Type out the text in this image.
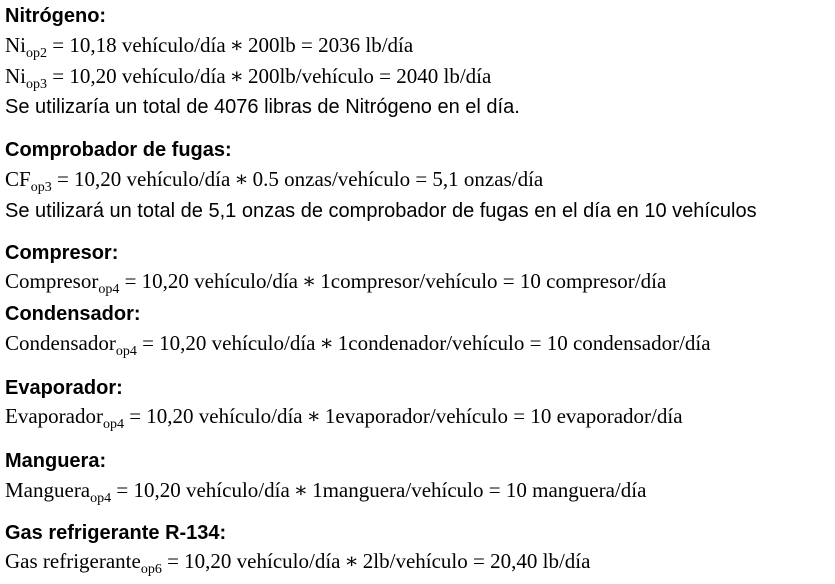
Nitrógeno:
$Ni_{op2} = 10,18$ vehículo/día ∗ 200lb = 2036 lb/día
$Ni_{op3} = 10,20$ vehículo/día ∗ 200lb/vehículo = 2040 lb/día
Se utilizaría un total de 4076 libras de Nitrógeno en el día.
Comprobador de fugas:
$CF_{op3} = 10,20$ vehículo/día ∗ 0.5 onzas/vehículo = 5,1 onzas/día
Se utilizará un total de 5,1 onzas de comprobador de fugas en el día en 10 vehículos
Compresor:
Compresor$_{op4}$ = 10,20 vehículo/día ∗ 1compresor/vehículo = 10 compresor/día
Condensador:
Condensador$_{op4}$ = 10,20 vehículo/día ∗ 1condenador/vehículo = 10 condensador/día
Evaporador:
Evaporador$_{op4}$ = 10,20 vehículo/día ∗ 1evaporador/vehículo = 10 evaporador/día
Manguera:
Manguera$_{op4}$ = 10,20 vehículo/día ∗ 1manguera/vehículo = 10 manguera/día
Gas refrigerante R-134:
Gas refrigerante$_{op6}$ = 10,20 vehículo/día ∗ 2lb/vehículo = 20,40 lb/día
